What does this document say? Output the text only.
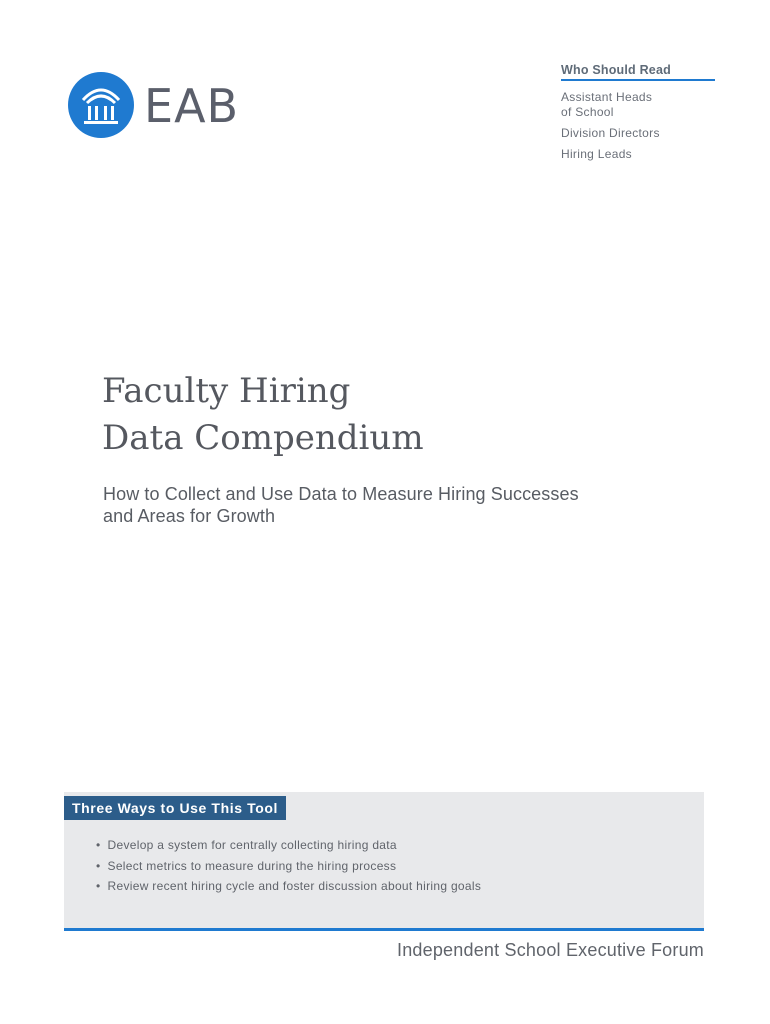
EAB
Who Should Read
Assistant Heads
of School
Division Directors
Hiring Leads
Faculty Hiring
Data Compendium

How to Collect and Use Data to Measure Hiring Successes
and Areas for Growth

Three Ways to Use This Tool
• Develop a system for centrally collecting hiring data
• Select metrics to measure during the hiring process
• Review recent hiring cycle and foster discussion about hiring goals
Independent School Executive Forum
